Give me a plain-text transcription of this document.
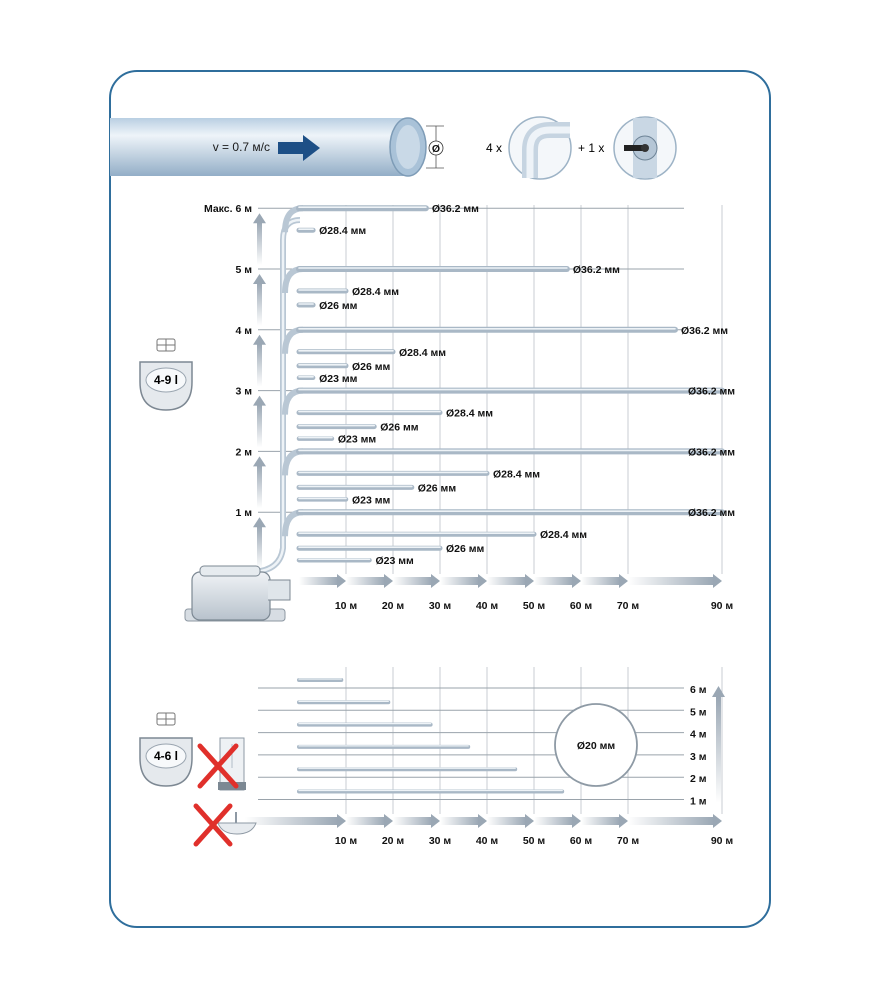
Ø
v = 0.7 м/с	4 x	+ 1 x
1 м
2 м
3 м
4 м
5 м
Макс. 6 м
10 м 20 м 30 м 40 м 50 м 60 м 70 м	90 м
Ø36.2 мм
Ø28.4 мм
Ø36.2 мм
Ø28.4 мм
Ø26 мм
Ø36.2 мм
Ø28.4 мм
Ø26 мм
Ø23 мм
Ø36.2 мм
Ø28.4 мм
Ø26 мм
Ø23 мм
Ø36.2 мм
Ø28.4 мм
Ø26 мм
Ø23 мм
Ø36.2 мм
Ø28.4 мм
Ø26 мм
Ø23 мм
4-9 l
6 м
5 м
4 м
3 м
2 м
1 м
10 м 20 м 30 м 40 м 50 м 60 м 70 м	90 м
Ø20 мм
4-6 l
